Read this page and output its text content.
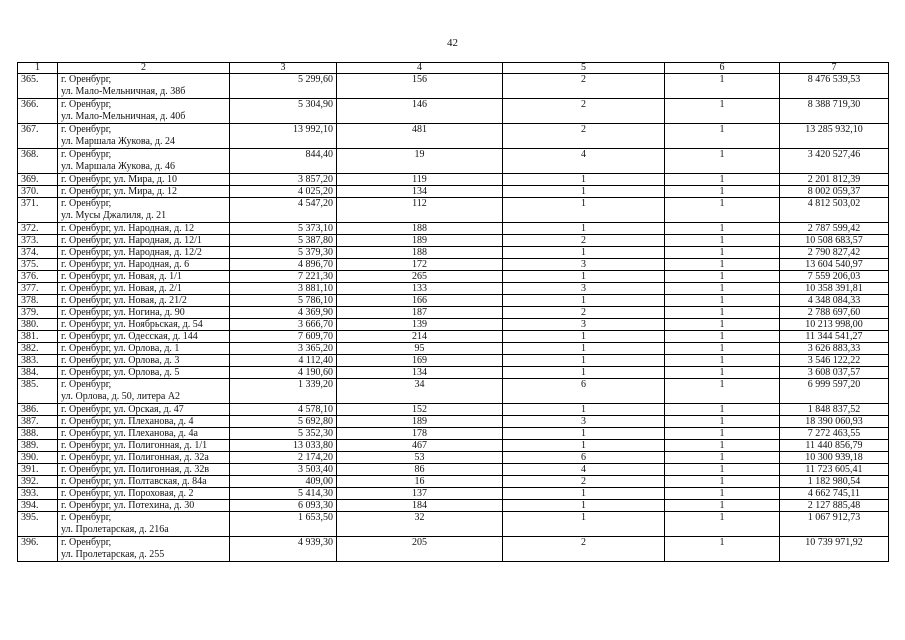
42
1	2	3	4	5	6	7
365.	г. Оренбург,
ул. Мало-Мельничная, д. 38б	5 299,60	156	2	1	8 476 539,53
366.	г. Оренбург,
ул. Мало-Мельничная, д. 40б	5 304,90	146	2	1	8 388 719,30
367.	г. Оренбург,
ул. Маршала Жукова, д. 24	13 992,10	481	2	1	13 285 932,10
368.	г. Оренбург,
ул. Маршала Жукова, д. 46	844,40	19	4	1	3 420 527,46
369.	г. Оренбург, ул. Мира, д. 10	3 857,20	119	1	1	2 201 812,39
370.	г. Оренбург, ул. Мира, д. 12	4 025,20	134	1	1	8 002 059,37
371.	г. Оренбург,
ул. Мусы Джалиля, д. 21	4 547,20	112	1	1	4 812 503,02
372.	г. Оренбург, ул. Народная, д. 12	5 373,10	188	1	1	2 787 599,42
373.	г. Оренбург, ул. Народная, д. 12/1	5 387,80	189	2	1	10 508 683,57
374.	г. Оренбург, ул. Народная, д. 12/2	5 379,30	188	1	1	2 790 827,42
375.	г. Оренбург, ул. Народная, д. 6	4 896,70	172	3	1	13 604 540,97
376.	г. Оренбург, ул. Новая, д. 1/1	7 221,30	265	1	1	7 559 206,03
377.	г. Оренбург, ул. Новая, д. 2/1	3 881,10	133	3	1	10 358 391,81
378.	г. Оренбург, ул. Новая, д. 21/2	5 786,10	166	1	1	4 348 084,33
379.	г. Оренбург, ул. Ногина, д. 90	4 369,90	187	2	1	2 788 697,60
380.	г. Оренбург, ул. Ноябрьская, д. 54	3 666,70	139	3	1	10 213 998,00
381.	г. Оренбург, ул. Одесская, д. 144	7 609,70	214	1	1	11 344 541,27
382.	г. Оренбург, ул. Орлова, д. 1	3 365,20	95	1	1	3 626 883,33
383.	г. Оренбург, ул. Орлова, д. 3	4 112,40	169	1	1	3 546 122,22
384.	г. Оренбург, ул. Орлова, д. 5	4 190,60	134	1	1	3 608 037,57
385.	г. Оренбург,
ул. Орлова, д. 50, литера А2	1 339,20	34	6	1	6 999 597,20
386.	г. Оренбург, ул. Орская, д. 47	4 578,10	152	1	1	1 848 837,52
387.	г. Оренбург, ул. Плеханова, д. 4	5 692,80	189	3	1	18 390 060,93
388.	г. Оренбург, ул. Плеханова, д. 4а	5 352,30	178	1	1	7 272 463,55
389.	г. Оренбург, ул. Полигонная, д. 1/1	13 033,80	467	1	1	11 440 856,79
390.	г. Оренбург, ул. Полигонная, д. 32а	2 174,20	53	6	1	10 300 939,18
391.	г. Оренбург, ул. Полигонная, д. 32в	3 503,40	86	4	1	11 723 605,41
392.	г. Оренбург, ул. Полтавская, д. 84а	409,00	16	2	1	1 182 980,54
393.	г. Оренбург, ул. Пороховая, д. 2	5 414,30	137	1	1	4 662 745,11
394.	г. Оренбург, ул. Потехина, д. 30	6 093,30	184	1	1	2 127 885,48
395.	г. Оренбург,
ул. Пролетарская, д. 216а	1 653,50	32	1	1	1 067 912,73
396.	г. Оренбург,
ул. Пролетарская, д. 255	4 939,30	205	2	1	10 739 971,92
